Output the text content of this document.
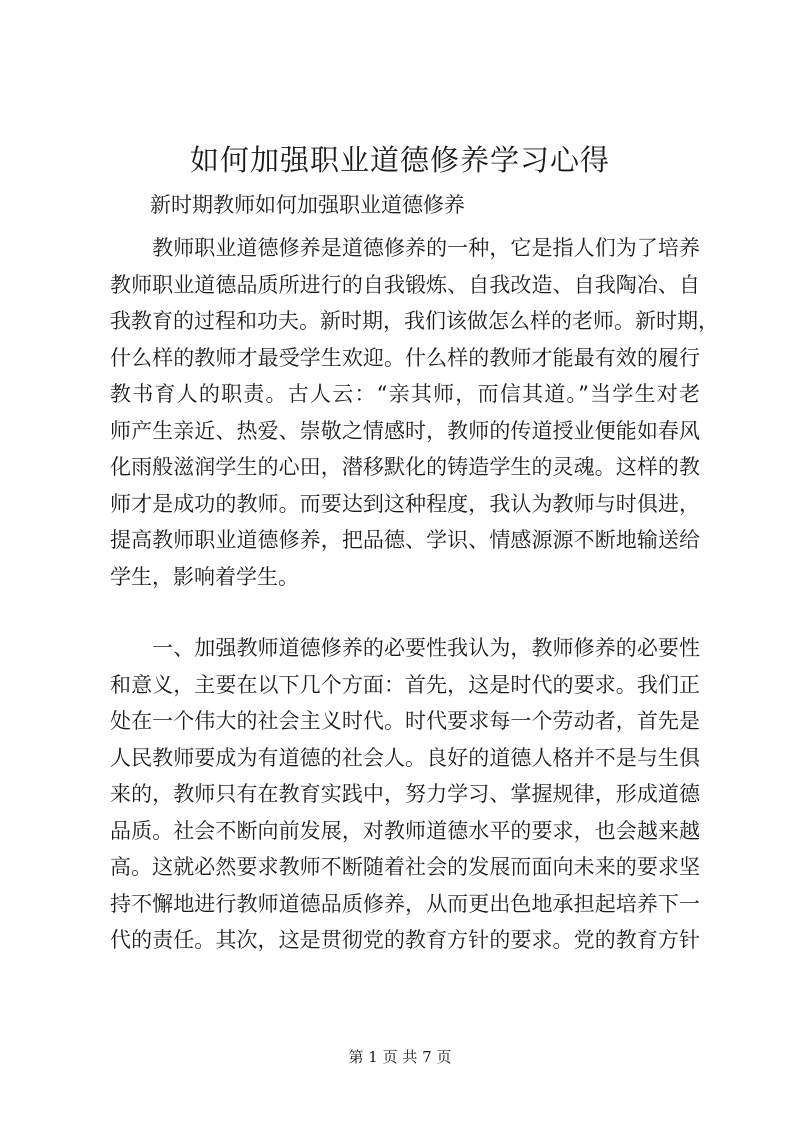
如何加强职业道德修养学习心得

新时期教师如何加强职业道德修养

　　教师职业道德修养是道德修养的一种，它是指人们为了培养
教师职业道德品质所进行的自我锻炼、自我改造、自我陶冶、自
我教育的过程和功夫。新时期，我们该做怎么样的老师。新时期，
什么样的教师才最受学生欢迎。什么样的教师才能最有效的履行
教书育人的职责。古人云：“亲其师，而信其道。”当学生对老
师产生亲近、热爱、崇敬之情感时，教师的传道授业便能如春风
化雨般滋润学生的心田，潜移默化的铸造学生的灵魂。这样的教
师才是成功的教师。而要达到这种程度，我认为教师与时俱进，
提高教师职业道德修养，把品德、学识、情感源源不断地输送给
学生，影响着学生。
　　一、加强教师道德修养的必要性我认为，教师修养的必要性
和意义，主要在以下几个方面：首先，这是时代的要求。我们正
处在一个伟大的社会主义时代。时代要求每一个劳动者，首先是
人民教师要成为有道德的社会人。良好的道德人格并不是与生俱
来的，教师只有在教育实践中，努力学习、掌握规律，形成道德
品质。社会不断向前发展，对教师道德水平的要求，也会越来越
高。这就必然要求教师不断随着社会的发展而面向未来的要求坚
持不懈地进行教师道德品质修养，从而更出色地承担起培养下一
代的责任。其次，这是贯彻党的教育方针的要求。党的教育方针
第 1 页 共 7 页
